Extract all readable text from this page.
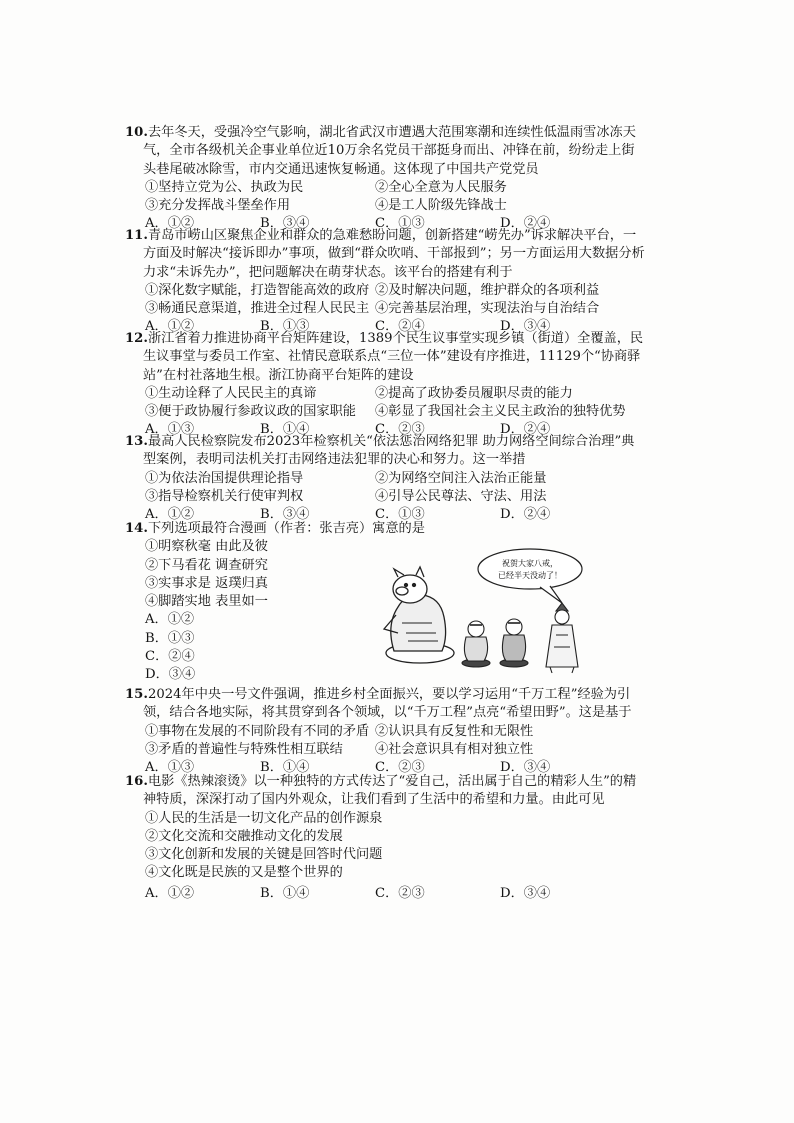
10.去年冬天，受强冷空气影响，湖北省武汉市遭遇大范围寒潮和连续性低温雨雪冰冻天气，全市各级机关企事业单位近10万余名党员干部挺身而出、冲锋在前，纷纷走上街头巷尾破冰除雪，市内交通迅速恢复畅通。这体现了中国共产党党员

①坚持立党为公、执政为民	②全心全意为人民服务
③充分发挥战斗堡垒作用	④是工人阶级先锋战士
A．①②	B．③④	C．①③	D．②④

11.青岛市崂山区聚焦企业和群众的急难愁盼问题，创新搭建“崂先办”诉求解决平台，一方面及时解决“接诉即办”事项，做到“群众吹哨、干部报到”；另一方面运用大数据分析力求“未诉先办”，把问题解决在萌芽状态。该平台的搭建有利于

①深化数字赋能，打造智能高效的政府 ②及时解决问题，维护群众的各项利益
③畅通民意渠道，推进全过程人民民主 ④完善基层治理，实现法治与自治结合
A．①②	B．①③	C．②④	D．③④

12.浙江省着力推进协商平台矩阵建设，1389个民生议事堂实现乡镇（街道）全覆盖，民生议事堂与委员工作室、社情民意联系点“三位一体”建设有序推进，11129个“协商驿站”在村社落地生根。浙江协商平台矩阵的建设

①生动诠释了人民民主的真谛	②提高了政协委员履职尽责的能力
③便于政协履行参政议政的国家职能	④彰显了我国社会主义民主政治的独特优势
A．①③	B．①④	C．②③	D．②④

13.最高人民检察院发布2023年检察机关“依法惩治网络犯罪 助力网络空间综合治理”典型案例，表明司法机关打击网络违法犯罪的决心和努力。这一举措

①为依法治国提供理论指导	②为网络空间注入法治正能量
③指导检察机关行使审判权	④引导公民尊法、守法、用法
A．①②	B．③④	C．①③	D．②④

14.下列选项最符合漫画（作者：张吉亮）寓意的是

①明察秋毫 由此及彼
②下马看花 调查研究
③实事求是 返璞归真
④脚踏实地 表里如一
A．①②
B．①③
C．②④
D．③④
祝贺大家八戒，
已经半天没动了！

15.2024年中央一号文件强调，推进乡村全面振兴，要以学习运用“千万工程”经验为引领，结合各地实际，将其贯穿到各个领域，以“千万工程”点亮“希望田野”。这是基于

①事物在发展的不同阶段有不同的矛盾 ②认识具有反复性和无限性
③矛盾的普遍性与特殊性相互联结	④社会意识具有相对独立性
A．①③	B．①④	C．②③	D．③④

16.电影《热辣滚烫》以一种独特的方式传达了“爱自己，活出属于自己的精彩人生”的精神特质，深深打动了国内外观众，让我们看到了生活中的希望和力量。由此可见

①人民的生活是一切文化产品的创作源泉
②文化交流和交融推动文化的发展
③文化创新和发展的关键是回答时代问题
④文化既是民族的又是整个世界的
A．①②	B．①④	C．②③	D．③④
